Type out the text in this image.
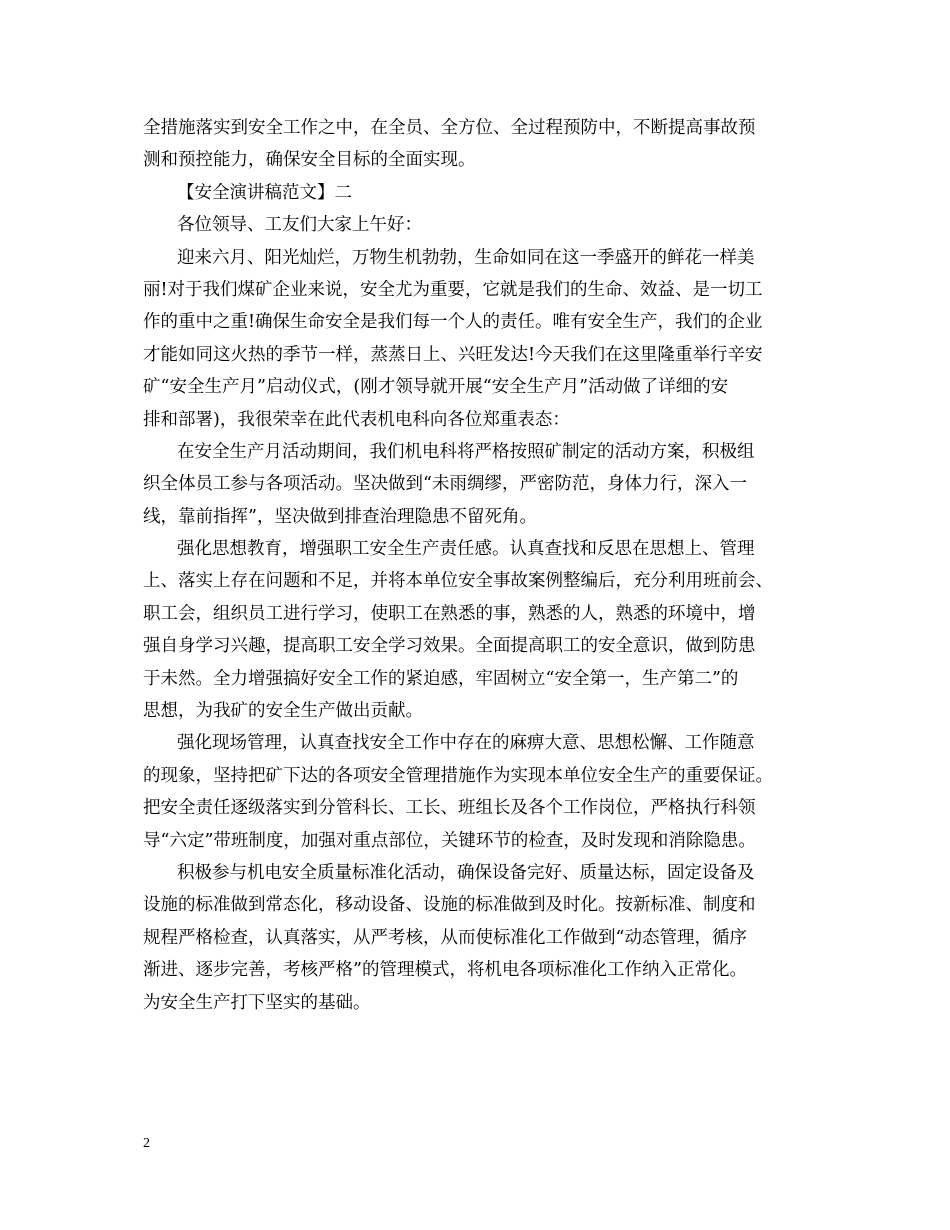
全措施落实到安全工作之中，在全员、全方位、全过程预防中，不断提高事故预
测和预控能力，确保安全目标的全面实现。
【安全演讲稿范文】二
各位领导、工友们大家上午好：
迎来六月、阳光灿烂，万物生机勃勃，生命如同在这一季盛开的鲜花一样美
丽!对于我们煤矿企业来说，安全尤为重要，它就是我们的生命、效益、是一切工
作的重中之重!确保生命安全是我们每一个人的责任。唯有安全生产，我们的企业
才能如同这火热的季节一样，蒸蒸日上、兴旺发达!今天我们在这里隆重举行辛安
矿“安全生产月”启动仪式，(刚才领导就开展“安全生产月”活动做了详细的安
排和部署)，我很荣幸在此代表机电科向各位郑重表态：
在安全生产月活动期间，我们机电科将严格按照矿制定的活动方案，积极组
织全体员工参与各项活动。坚决做到“未雨绸缪，严密防范，身体力行，深入一
线，靠前指挥”，坚决做到排查治理隐患不留死角。
强化思想教育，增强职工安全生产责任感。认真查找和反思在思想上、管理
上、落实上存在问题和不足，并将本单位安全事故案例整编后，充分利用班前会、
职工会，组织员工进行学习，使职工在熟悉的事，熟悉的人，熟悉的环境中，增
强自身学习兴趣，提高职工安全学习效果。全面提高职工的安全意识，做到防患
于未然。全力增强搞好安全工作的紧迫感，牢固树立“安全第一，生产第二”的
思想，为我矿的安全生产做出贡献。
强化现场管理，认真查找安全工作中存在的麻痹大意、思想松懈、工作随意
的现象，坚持把矿下达的各项安全管理措施作为实现本单位安全生产的重要保证。
把安全责任逐级落实到分管科长、工长、班组长及各个工作岗位，严格执行科领
导“六定”带班制度，加强对重点部位，关键环节的检查，及时发现和消除隐患。
积极参与机电安全质量标准化活动，确保设备完好、质量达标，固定设备及
设施的标准做到常态化，移动设备、设施的标准做到及时化。按新标准、制度和
规程严格检查，认真落实，从严考核，从而使标准化工作做到“动态管理，循序
渐进、逐步完善，考核严格”的管理模式，将机电各项标准化工作纳入正常化。
为安全生产打下坚实的基础。
2
